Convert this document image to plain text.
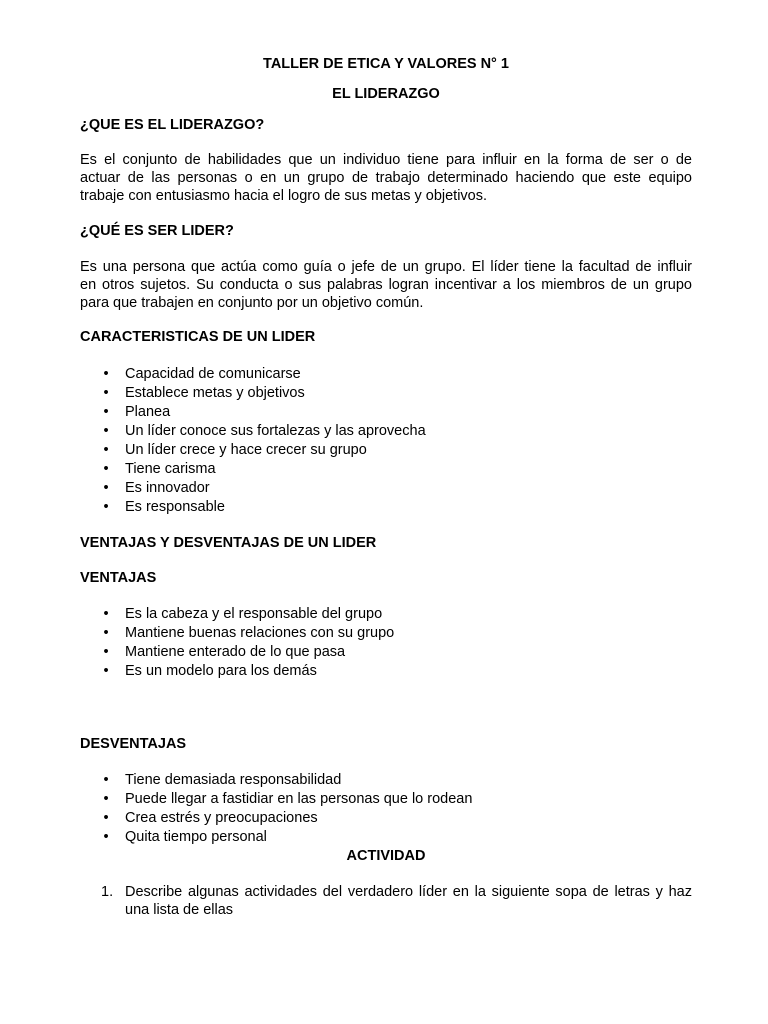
TALLER DE ETICA Y VALORES N° 1
EL LIDERAZGO
¿QUE ES EL LIDERAZGO?
Es el conjunto de habilidades que un individuo tiene para influir en la forma de ser o de
actuar de las personas o en un grupo de trabajo determinado haciendo que este equipo
trabaje con entusiasmo hacia el logro de sus metas y objetivos.
¿QUÉ ES SER LIDER?
Es una persona que actúa como guía o jefe de un grupo. El líder tiene la facultad de influir
en otros sujetos. Su conducta o sus palabras logran incentivar a los miembros de un grupo
para que trabajen en conjunto por un objetivo común.
CARACTERISTICAS DE UN LIDER
• Capacidad de comunicarse
• Establece metas y objetivos
• Planea
• Un líder conoce sus fortalezas y las aprovecha
• Un líder crece y hace crecer su grupo
• Tiene carisma
• Es innovador
• Es responsable
VENTAJAS Y DESVENTAJAS DE UN LIDER
VENTAJAS
• Es la cabeza y el responsable del grupo
• Mantiene buenas relaciones con su grupo
• Mantiene enterado de lo que pasa
• Es un modelo para los demás
DESVENTAJAS
• Tiene demasiada responsabilidad
• Puede llegar a fastidiar en las personas que lo rodean
• Crea estrés y preocupaciones
• Quita tiempo personal
ACTIVIDAD
1. Describe algunas actividades del verdadero líder en la siguiente sopa de letras y haz
una lista de ellas
